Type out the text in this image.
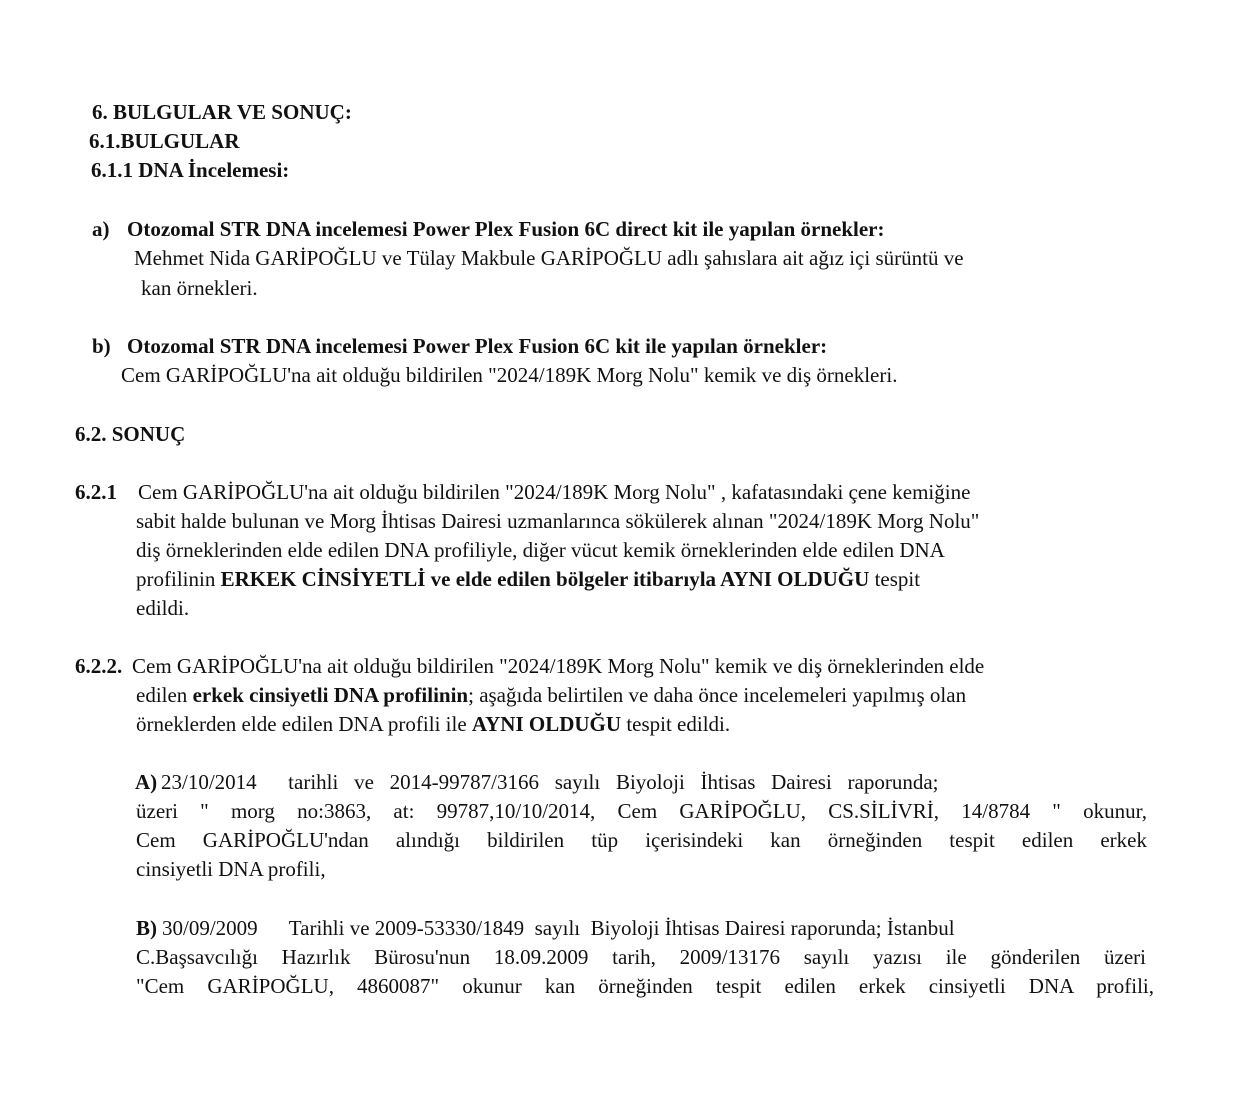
6. BULGULAR VE SONUÇ:
6.1.BULGULAR
6.1.1 DNA İncelemesi:
a) Otozomal STR DNA incelemesi Power Plex Fusion 6C direct kit ile yapılan örnekler:
Mehmet Nida GARİPOĞLU ve Tülay Makbule GARİPOĞLU adlı şahıslara ait ağız içi sürüntü ve
kan örnekleri.
b) Otozomal STR DNA incelemesi Power Plex Fusion 6C kit ile yapılan örnekler:
Cem GARİPOĞLU'na ait olduğu bildirilen "2024/189K Morg Nolu" kemik ve diş örnekleri.
6.2. SONUÇ
6.2.1 Cem GARİPOĞLU'na ait olduğu bildirilen "2024/189K Morg Nolu" , kafatasındaki çene kemiğine
sabit halde bulunan ve Morg İhtisas Dairesi uzmanlarınca sökülerek alınan "2024/189K Morg Nolu"
diş örneklerinden elde edilen DNA profiliyle, diğer vücut kemik örneklerinden elde edilen DNA
profilinin ERKEK CİNSİYETLİ ve elde edilen bölgeler itibarıyla AYNI OLDUĞU tespit
edildi.
6.2.2. Cem GARİPOĞLU'na ait olduğu bildirilen "2024/189K Morg Nolu" kemik ve diş örneklerinden elde
edilen erkek cinsiyetli DNA profilinin; aşağıda belirtilen ve daha önce incelemeleri yapılmış olan
örneklerden elde edilen DNA profili ile AYNI OLDUĞU tespit edildi.
A) 23/10/2014      tarihli   ve   2014-99787/3166   sayılı   Biyoloji   İhtisas   Dairesi   raporunda;
üzeri " morg no:3863, at: 99787,10/10/2014, Cem GARİPOĞLU, CS.SİLİVRİ, 14/8784 " okunur,
Cem GARİPOĞLU'ndan alındığı bildirilen tüp içerisindeki kan örneğinden tespit edilen erkek
cinsiyetli DNA profili,
B) 30/09/2009      Tarihli ve 2009-53330/1849  sayılı  Biyoloji İhtisas Dairesi raporunda; İstanbul
C.Başsavcılığı Hazırlık Bürosu'nun 18.09.2009 tarih, 2009/13176 sayılı yazısı ile gönderilen üzeri
"Cem GARİPOĞLU, 4860087" okunur kan örneğinden tespit edilen erkek cinsiyetli DNA profili,
